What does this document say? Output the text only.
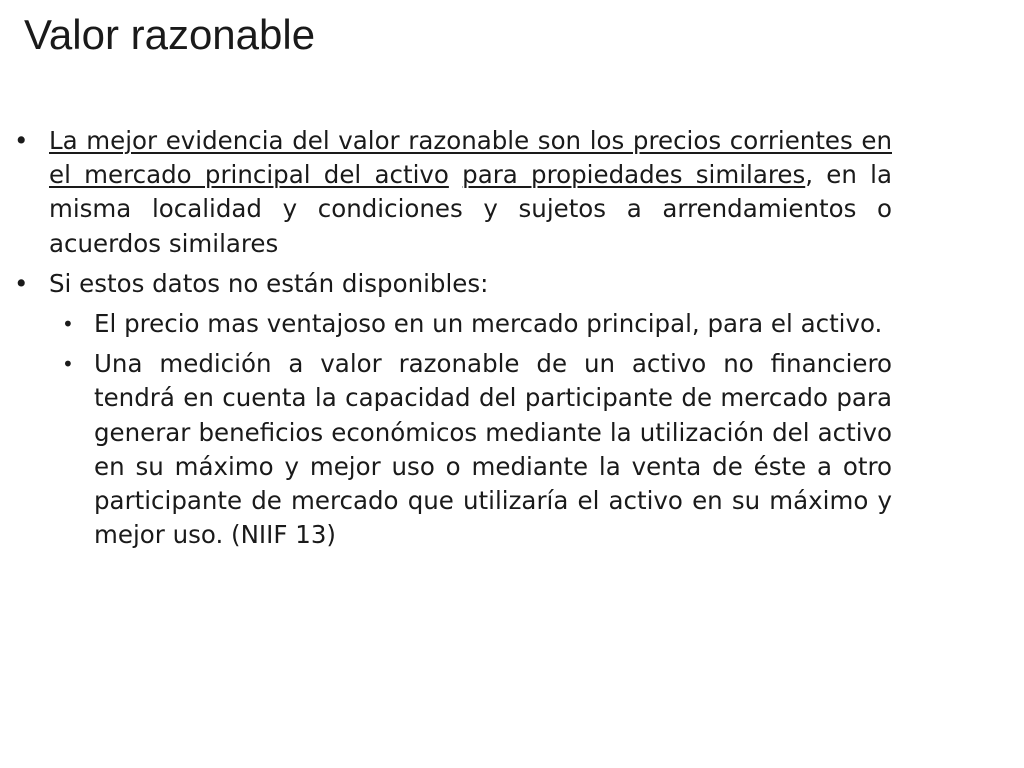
Valor razonable
• La mejor evidencia del valor razonable son los precios corrientes en el mercado principal del activo para propiedades similares, en la misma localidad y condiciones y sujetos a arrendamientos o acuerdos similares
• Si estos datos no están disponibles:
• El precio mas ventajoso en un mercado principal, para el activo.
• Una medición a valor razonable de un activo no financiero tendrá en cuenta la capacidad del participante de mercado para generar beneficios económicos mediante la utilización del activo en su máximo y mejor uso o mediante la venta de éste a otro participante de mercado que utilizaría el activo en su máximo y mejor uso. (NIIF 13)
